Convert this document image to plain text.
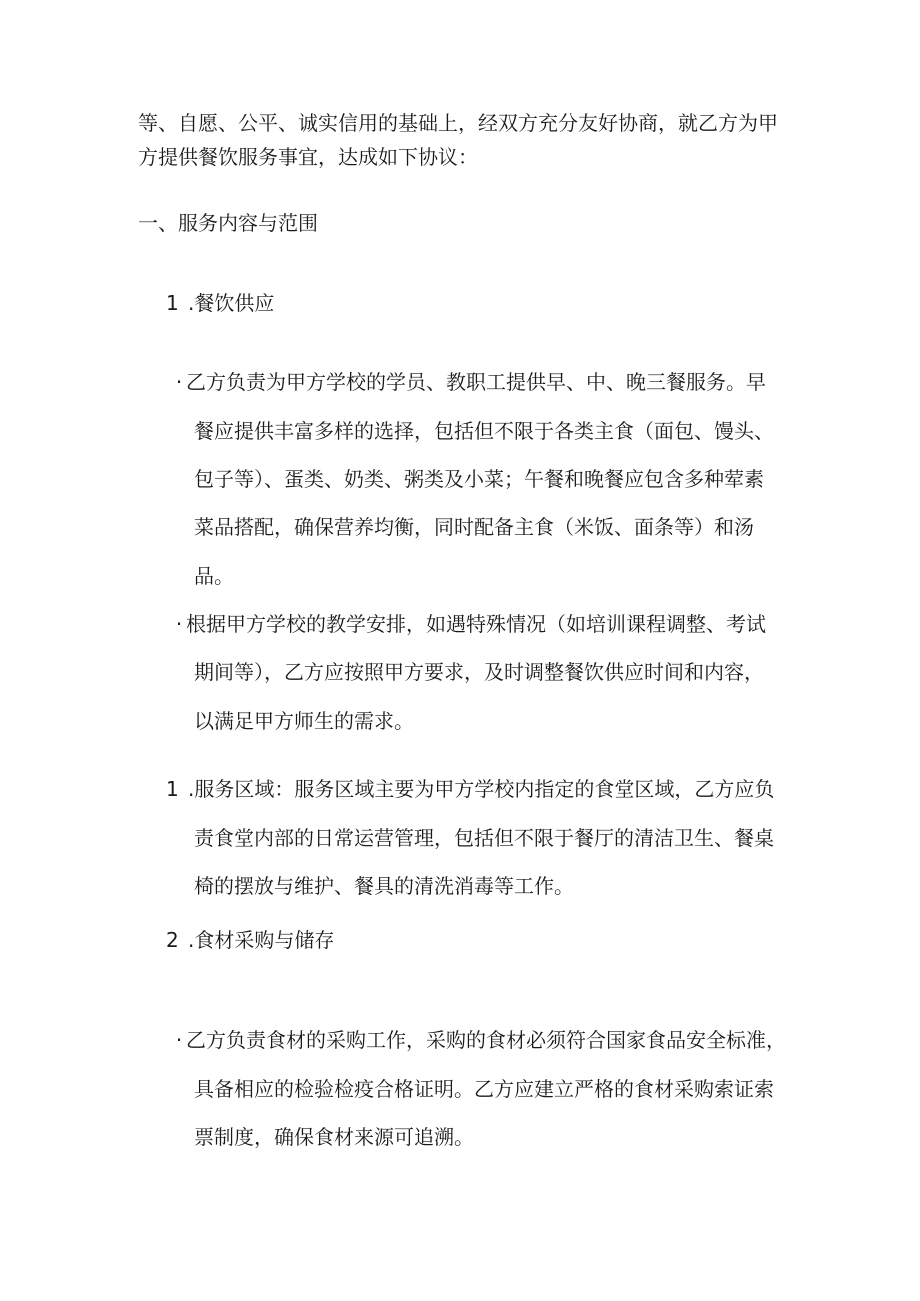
等、自愿、公平、诚实信用的基础上，经双方充分友好协商，就乙方为甲
方提供餐饮服务事宜，达成如下协议：
一、服务内容与范围
1 .餐饮供应
· 乙方负责为甲方学校的学员、教职工提供早、中、晚三餐服务。早
餐应提供丰富多样的选择，包括但不限于各类主食（面包、馒头、
包子等）、蛋类、奶类、粥类及小菜；午餐和晚餐应包含多种荤素
菜品搭配，确保营养均衡，同时配备主食（米饭、面条等）和汤
品。
· 根据甲方学校的教学安排，如遇特殊情况（如培训课程调整、考试
期间等），乙方应按照甲方要求，及时调整餐饮供应时间和内容，
以满足甲方师生的需求。
1 .服务区域：服务区域主要为甲方学校内指定的食堂区域，乙方应负
责食堂内部的日常运营管理，包括但不限于餐厅的清洁卫生、餐桌
椅的摆放与维护、餐具的清洗消毒等工作。
2 .食材采购与储存
· 乙方负责食材的采购工作，采购的食材必须符合国家食品安全标准，
具备相应的检验检疫合格证明。乙方应建立严格的食材采购索证索
票制度，确保食材来源可追溯。
